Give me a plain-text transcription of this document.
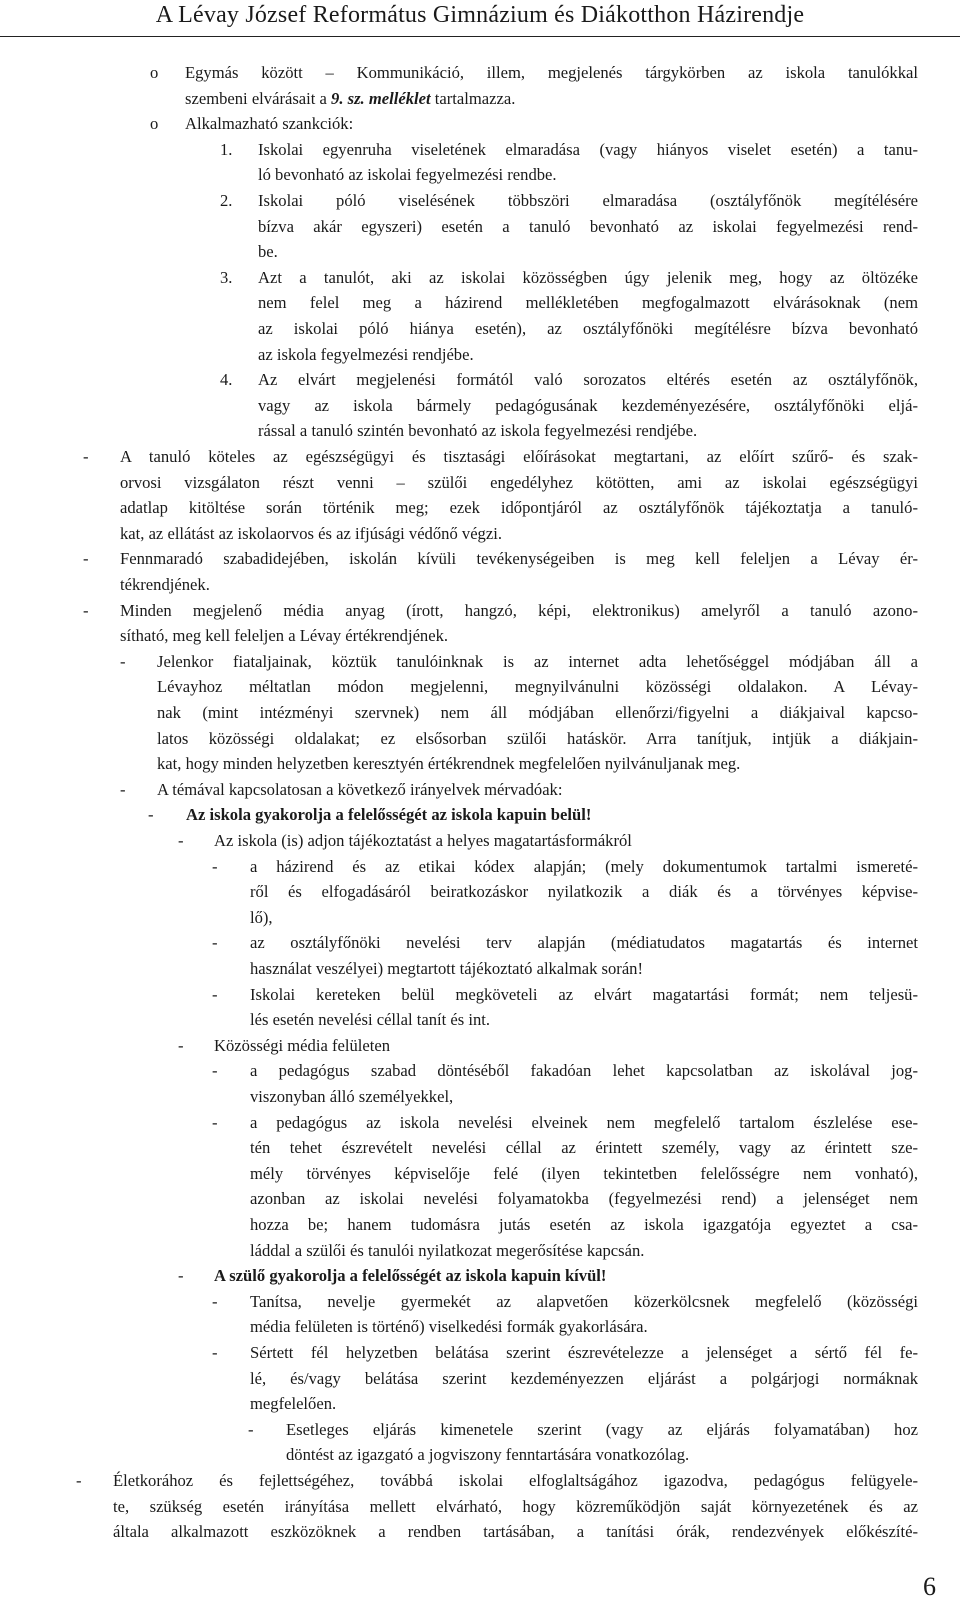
A Lévay József Református Gimnázium és Diákotthon Házirendje
o Egymás között – Kommunikáció, illem, megjelenés tárgykörben az iskola tanulókkal
szembeni elvárásait a 9. sz. melléklet tartalmazza.
o Alkalmazható szankciók:
1. Iskolai egyenruha viseletének elmaradása (vagy hiányos viselet esetén) a tanu-
ló bevonható az iskolai fegyelmezési rendbe.
2. Iskolai póló viselésének többszöri elmaradása (osztályfőnök megítélésére
bízva akár egyszeri) esetén a tanuló bevonható az iskolai fegyelmezési rend-
be.
3. Azt a tanulót, aki az iskolai közösségben úgy jelenik meg, hogy az öltözéke
nem felel meg a házirend mellékletében megfogalmazott elvárásoknak (nem
az iskolai póló hiánya esetén), az osztályfőnöki megítélésre bízva bevonható
az iskola fegyelmezési rendjébe.
4. Az elvárt megjelenési formától való sorozatos eltérés esetén az osztályfőnök,
vagy az iskola bármely pedagógusának kezdeményezésére, osztályfőnöki eljá-
rással a tanuló szintén bevonható az iskola fegyelmezési rendjébe.
- A tanuló köteles az egészségügyi és tisztasági előírásokat megtartani, az előírt szűrő- és szak-
orvosi vizsgálaton részt venni – szülői engedélyhez kötötten, ami az iskolai egészségügyi
adatlap kitöltése során történik meg; ezek időpontjáról az osztályfőnök tájékoztatja a tanuló-
kat, az ellátást az iskolaorvos és az ifjúsági védőnő végzi.
- Fennmaradó szabadidejében, iskolán kívüli tevékenységeiben is meg kell feleljen a Lévay ér-
tékrendjének.
- Minden megjelenő média anyag (írott, hangzó, képi, elektronikus) amelyről a tanuló azono-
sítható, meg kell feleljen a Lévay értékrendjének.
- Jelenkor fiataljainak, köztük tanulóinknak is az internet adta lehetőséggel módjában áll a
Lévayhoz méltatlan módon megjelenni, megnyilvánulni közösségi oldalakon. A Lévay-
nak (mint intézményi szervnek) nem áll módjában ellenőrzi/figyelni a diákjaival kapcso-
latos közösségi oldalakat; ez elsősorban szülői hatáskör. Arra tanítjuk, intjük a diákjain-
kat, hogy minden helyzetben keresztyén értékrendnek megfelelően nyilvánuljanak meg.
- A témával kapcsolatosan a következő irányelvek mérvadóak:
- Az iskola gyakorolja a felelősségét az iskola kapuin belül!
- Az iskola (is) adjon tájékoztatást a helyes magatartásformákról
- a házirend és az etikai kódex alapján; (mely dokumentumok tartalmi ismereté-
ről és elfogadásáról beiratkozáskor nyilatkozik a diák és a törvényes képvise-
lő),
- az osztályfőnöki nevelési terv alapján (médiatudatos magatartás és internet
használat veszélyei) megtartott tájékoztató alkalmak során!
- Iskolai kereteken belül megköveteli az elvárt magatartási formát; nem teljesü-
lés esetén nevelési céllal tanít és int.
- Közösségi média felületen
- a pedagógus szabad döntéséből fakadóan lehet kapcsolatban az iskolával jog-
viszonyban álló személyekkel,
- a pedagógus az iskola nevelési elveinek nem megfelelő tartalom észlelése ese-
tén tehet észrevételt nevelési céllal az érintett személy, vagy az érintett sze-
mély törvényes képviselője felé (ilyen tekintetben felelősségre nem vonható),
azonban az iskolai nevelési folyamatokba (fegyelmezési rend) a jelenséget nem
hozza be; hanem tudomásra jutás esetén az iskola igazgatója egyeztet a csa-
láddal a szülői és tanulói nyilatkozat megerősítése kapcsán.
- A szülő gyakorolja a felelősségét az iskola kapuin kívül!
- Tanítsa, nevelje gyermekét az alapvetően közerkölcsnek megfelelő (közösségi
média felületen is történő) viselkedési formák gyakorlására.
- Sértett fél helyzetben belátása szerint észrevételezze a jelenséget a sértő fél fe-
lé, és/vagy belátása szerint kezdeményezzen eljárást a polgárjogi normáknak
megfelelően.
- Esetleges eljárás kimenetele szerint (vagy az eljárás folyamatában) hoz
döntést az igazgató a jogviszony fenntartására vonatkozólag.
- Életkorához és fejlettségéhez, továbbá iskolai elfoglaltságához igazodva, pedagógus felügyele-
te, szükség esetén irányítása mellett elvárható, hogy közreműködjön saját környezetének és az
általa alkalmazott eszközöknek a rendben tartásában, a tanítási órák, rendezvények előkészíté-
6
